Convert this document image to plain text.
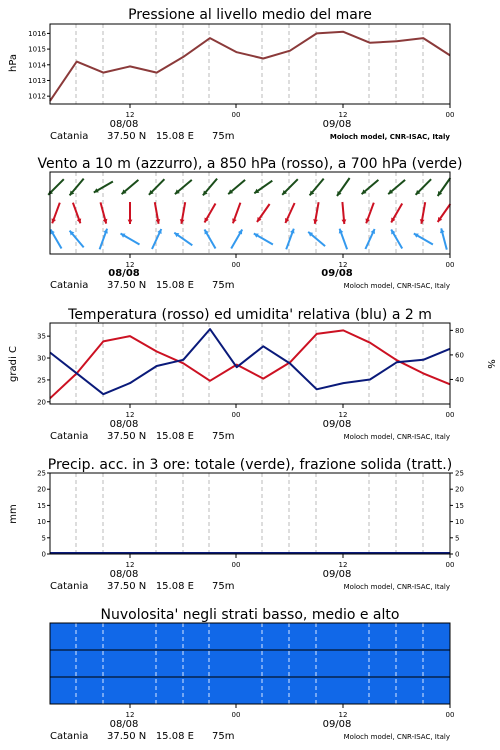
Pressione al livello medio del mare
hPa
1012
1013
1014
1015
1016
12	00	12	00
08/08	09/08
Catania 37.50 N   15.08 E 75m	Moloch model, CNR-ISAC, Italy
Vento a 10 m (azzurro), a 850 hPa (rosso), a 700 hPa (verde)
12	00	12	00
08/08	09/08
Catania 37.50 N   15.08 E 75m	Moloch model, CNR-ISAC, Italy
Temperatura (rosso) ed umidita' relativa (blu) a 2 m
gradi C	%
20
25
30
35
40
60
80
12	00	12	00
08/08	09/08
Catania 37.50 N   15.08 E 75m	Moloch model, CNR-ISAC, Italy
Precip. acc. in 3 ore: totale (verde), frazione solida (tratt.)
mm
0
5
10
15
20
25
0
5
10
15
20
25
12	00	12	00
08/08	09/08
Catania 37.50 N   15.08 E 75m	Moloch model, CNR-ISAC, Italy
Nuvolosita' negli strati basso, medio e alto
12	00	12	00
08/08	09/08
Catania 37.50 N   15.08 E 75m	Moloch model, CNR-ISAC, Italy
